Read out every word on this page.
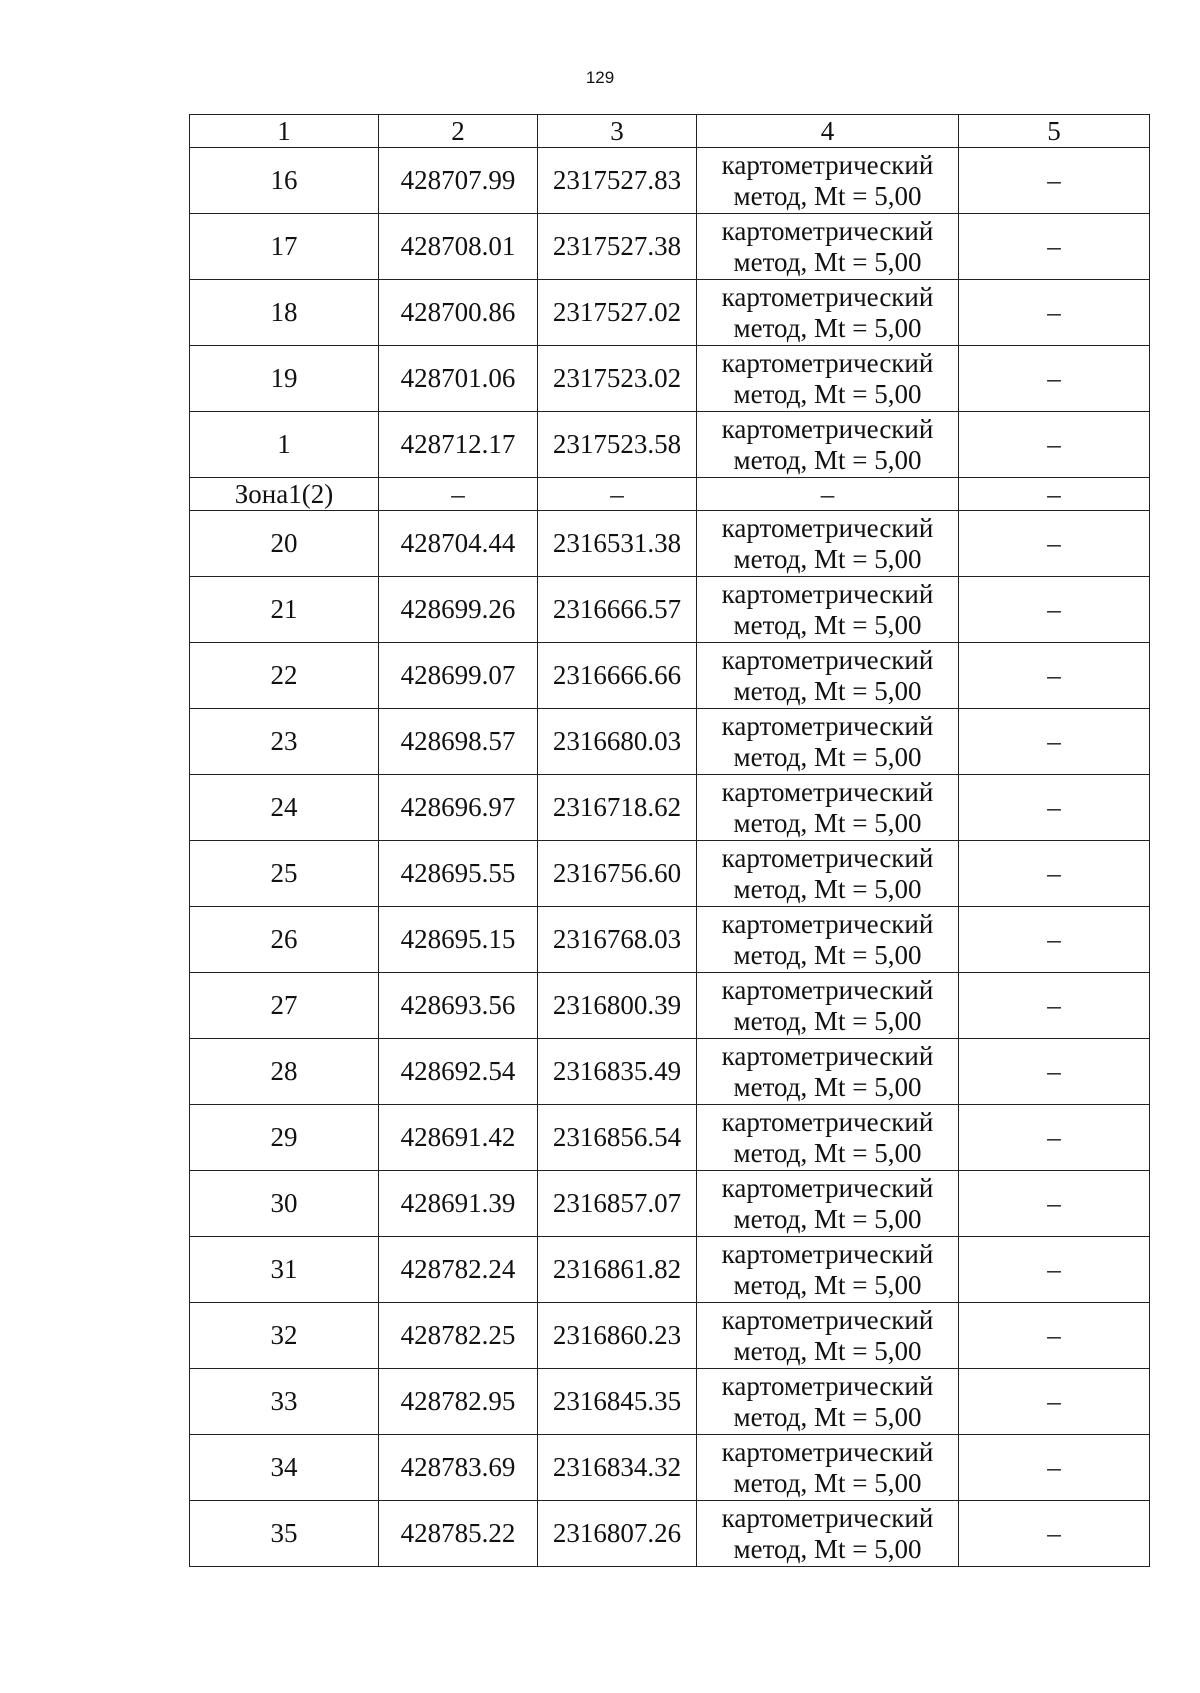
129
1	2	3	4	5
16	428707.99	2317527.83	картометрический
метод, Mt = 5,00	–
17	428708.01	2317527.38	картометрический
метод, Mt = 5,00	–
18	428700.86	2317527.02	картометрический
метод, Mt = 5,00	–
19	428701.06	2317523.02	картометрический
метод, Mt = 5,00	–
1	428712.17	2317523.58	картометрический
метод, Mt = 5,00	–
Зона1(2)	–	–	–	–
20	428704.44	2316531.38	картометрический
метод, Mt = 5,00	–
21	428699.26	2316666.57	картометрический
метод, Mt = 5,00	–
22	428699.07	2316666.66	картометрический
метод, Mt = 5,00	–
23	428698.57	2316680.03	картометрический
метод, Mt = 5,00	–
24	428696.97	2316718.62	картометрический
метод, Mt = 5,00	–
25	428695.55	2316756.60	картометрический
метод, Mt = 5,00	–
26	428695.15	2316768.03	картометрический
метод, Mt = 5,00	–
27	428693.56	2316800.39	картометрический
метод, Mt = 5,00	–
28	428692.54	2316835.49	картометрический
метод, Mt = 5,00	–
29	428691.42	2316856.54	картометрический
метод, Mt = 5,00	–
30	428691.39	2316857.07	картометрический
метод, Mt = 5,00	–
31	428782.24	2316861.82	картометрический
метод, Mt = 5,00	–
32	428782.25	2316860.23	картометрический
метод, Mt = 5,00	–
33	428782.95	2316845.35	картометрический
метод, Mt = 5,00	–
34	428783.69	2316834.32	картометрический
метод, Mt = 5,00	–
35	428785.22	2316807.26	картометрический
метод, Mt = 5,00	–
